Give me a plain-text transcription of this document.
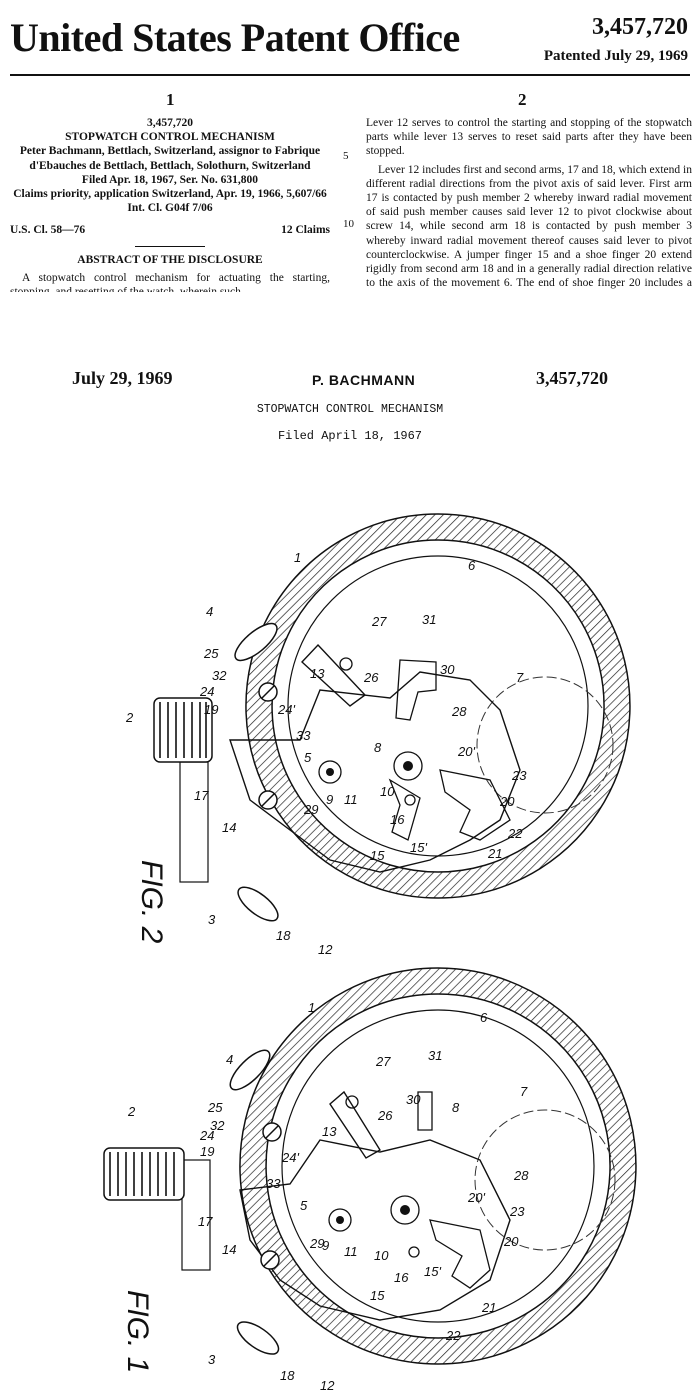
United States Patent Office	3,457,720
Patented July 29, 1969
1	2
3,457,720
STOPWATCH CONTROL MECHANISM
Peter Bachmann, Bettlach, Switzerland, assignor to Fabrique d'Ebauches de Bettlach, Bettlach, Solothurn, Switzerland
Filed Apr. 18, 1967, Ser. No. 631,800
Claims priority, application Switzerland, Apr. 19, 1966, 5,607/66
Int. Cl. G04f 7/06
U.S. Cl. 58—76	12 Claims
ABSTRACT OF THE DISCLOSURE
A stopwatch control mechanism for actuating the starting,
5
10
Lever 12 serves to control the starting and stopping of the stopwatch parts while lever 13 serves to reset said parts after they have been stopped.
Lever 12 includes first and second arms, 17 and 18, which extend in different radial directions from the pivot axis of said lever. First arm 17 is contacted by push member 2 whereby inward radial movement of said push member causes said lever 12 to pivot clockwise about screw 14, while second arm 18 is contacted by push member 3 whereby inward radial movement thereof causes said lever to pivot counterclockwise. A jumper finger 15 and a shoe finger 20 extend rigidly from second arm 18 and in a generally radial direction relative to the axis of the movement 6. The end of shoe finger 20 includes a
July 29, 1969	P. BACHMANN	3,457,720
STOPWATCH CONTROL MECHANISM
Filed April 18, 1967
1
2
3
4
5
6
7
8
9
10
11
12
13
14
15
15'
16
17
18
19
20
20'
21
22
23
24
24'
25
26
27
28
29
30
31
32
33
FIG. 2
1
2
3
4
5
6
7
8
9
10
11
12
13
14
15
15'
16
17
18
19
20
20'
21
22
23
24
24'
25
26
27
28
29
30
31
32
33
FIG. 1
